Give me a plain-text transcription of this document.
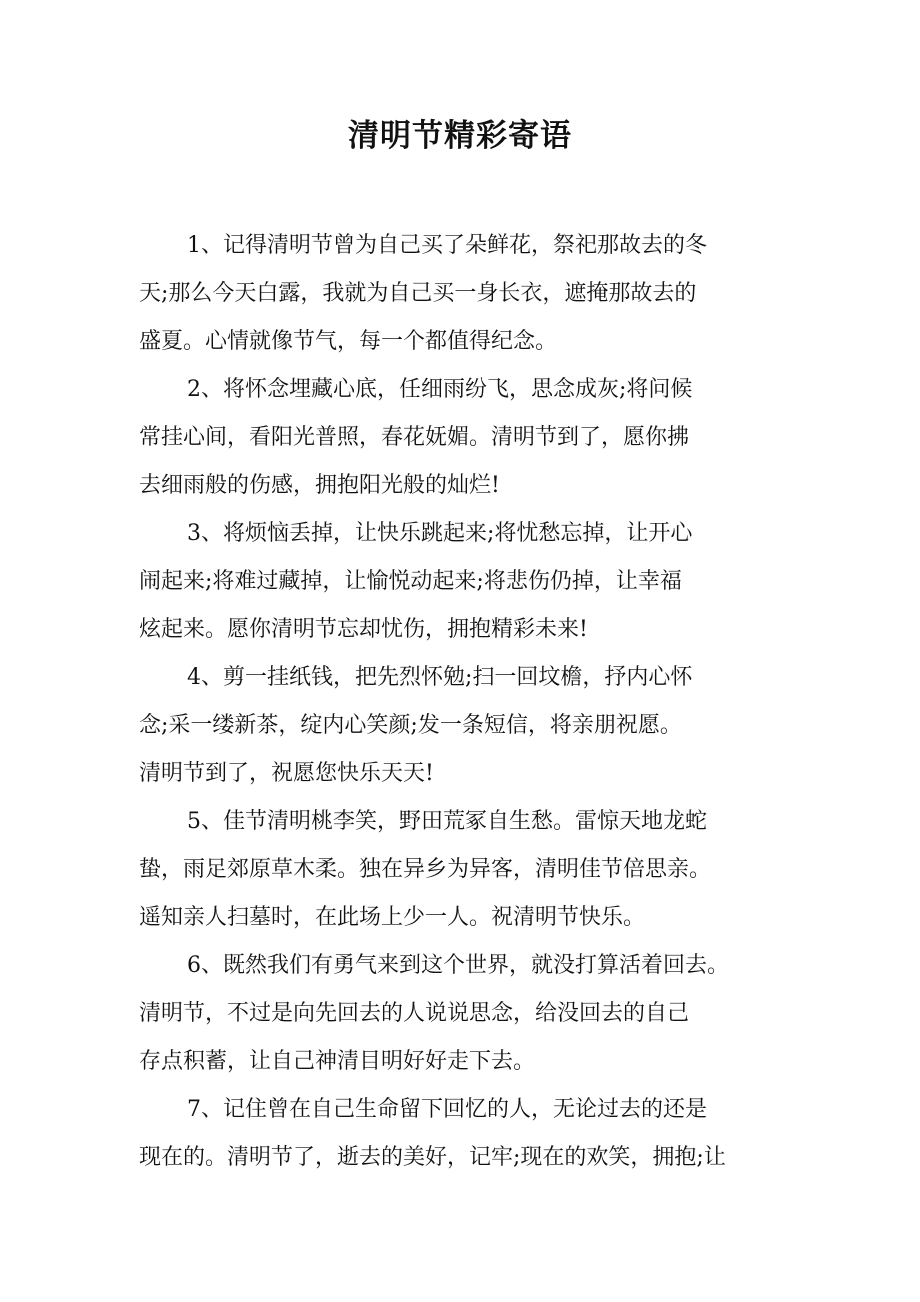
清明节精彩寄语
1、记得清明节曾为自己买了朵鲜花，祭祀那故去的冬
天;那么今天白露，我就为自己买一身长衣，遮掩那故去的
盛夏。心情就像节气，每一个都值得纪念。
2、将怀念埋藏心底，任细雨纷飞，思念成灰;将问候
常挂心间，看阳光普照，春花妩媚。清明节到了，愿你拂
去细雨般的伤感，拥抱阳光般的灿烂!
3、将烦恼丢掉，让快乐跳起来;将忧愁忘掉，让开心
闹起来;将难过藏掉，让愉悦动起来;将悲伤仍掉，让幸福
炫起来。愿你清明节忘却忧伤，拥抱精彩未来!
4、剪一挂纸钱，把先烈怀勉;扫一回坟檐，抒内心怀
念;采一缕新茶，绽内心笑颜;发一条短信，将亲朋祝愿。
清明节到了，祝愿您快乐天天!
5、佳节清明桃李笑，野田荒冢自生愁。雷惊天地龙蛇
蛰，雨足郊原草木柔。独在异乡为异客，清明佳节倍思亲。
遥知亲人扫墓时，在此场上少一人。祝清明节快乐。
6、既然我们有勇气来到这个世界，就没打算活着回去。
清明节，不过是向先回去的人说说思念，给没回去的自己
存点积蓄，让自己神清目明好好走下去。
7、记住曾在自己生命留下回忆的人，无论过去的还是
现在的。清明节了，逝去的美好，记牢;现在的欢笑，拥抱;让
